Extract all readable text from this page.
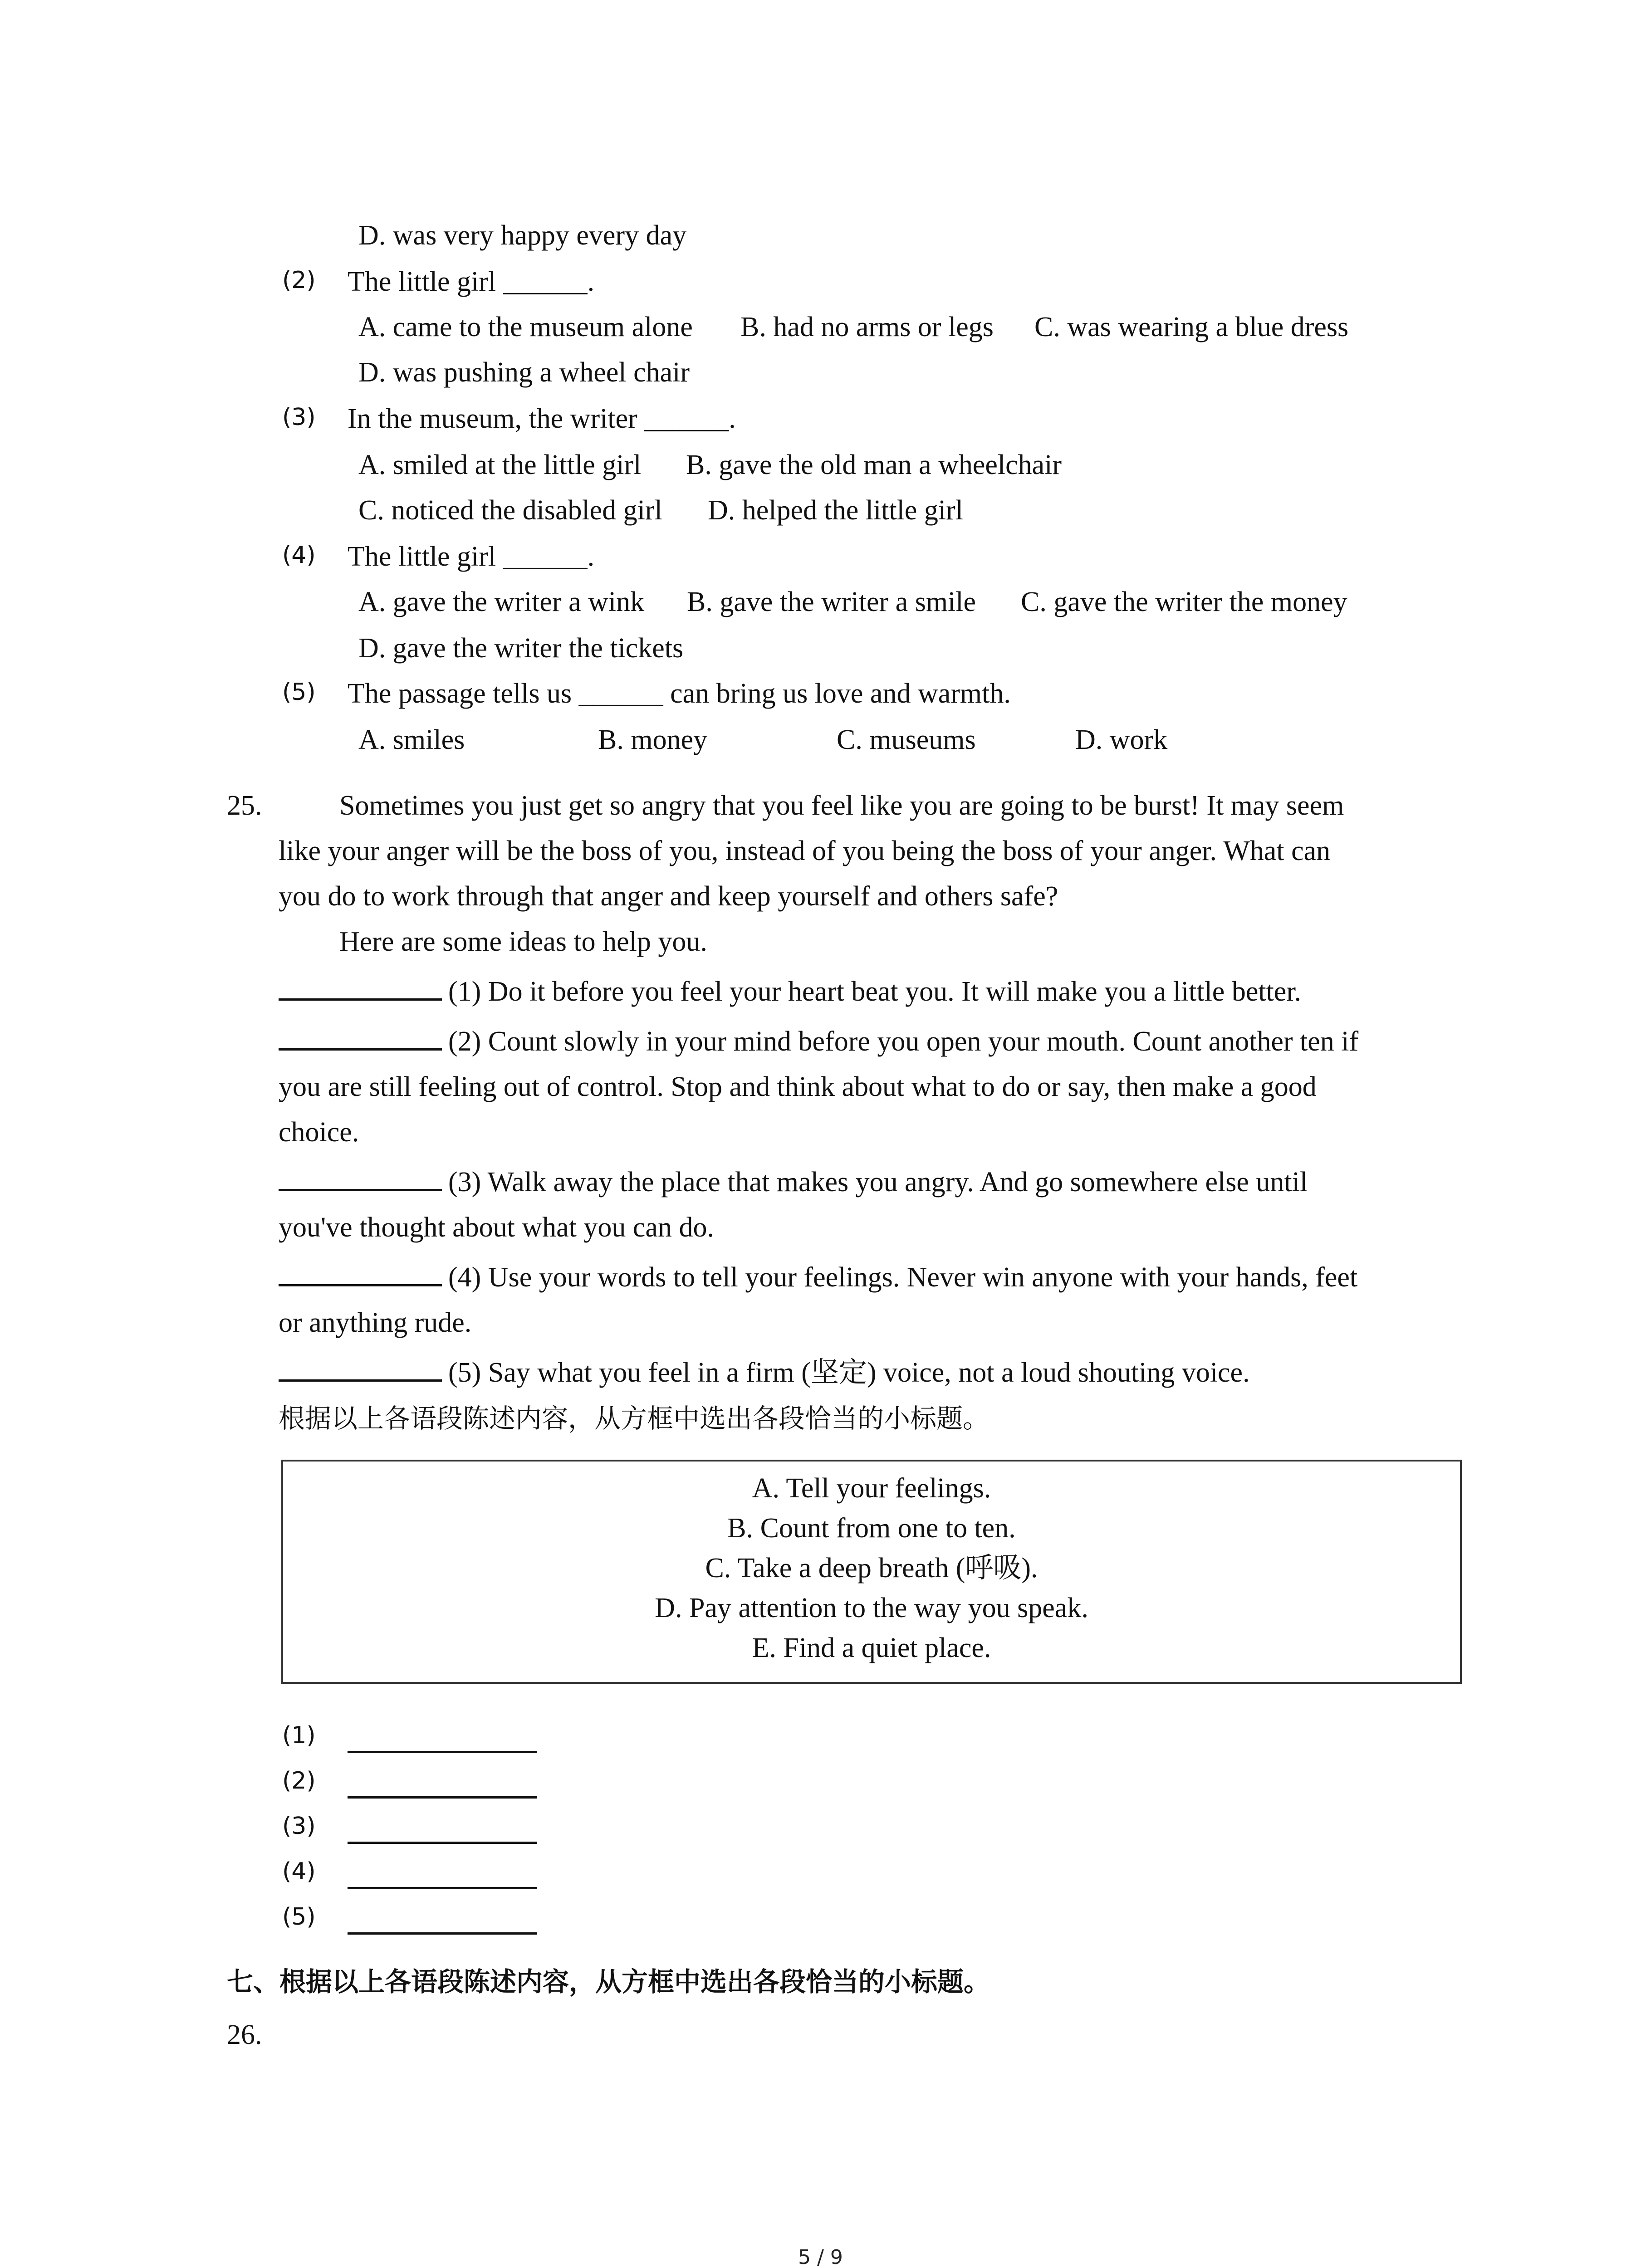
D. was very happy every day
(2) The little girl ______.
A. came to the museum alone B. had no arms or legs C. was wearing a blue dress
D. was pushing a wheel chair
(3) In the museum, the writer ______.
A. smiled at the little girl B. gave the old man a wheelchair
C. noticed the disabled girl D. helped the little girl
(4) The little girl ______.
A. gave the writer a wink B. gave the writer a smile C. gave the writer the money
D. gave the writer the tickets
(5) The passage tells us ______ can bring us love and warmth.
A. smiles	B. money	C. museums	D. work
25.	Sometimes you just get so angry that you feel like you are going to be burst! It may seem
like your anger will be the boss of you, instead of you being the boss of your anger. What can
you do to work through that anger and keep yourself and others safe?
Here are some ideas to help you.
(1) Do it before you feel your heart beat you. It will make you a little better.
(2) Count slowly in your mind before you open your mouth. Count another ten if
you are still feeling out of control. Stop and think about what to do or say, then make a good
choice.
(3) Walk away the place that makes you angry. And go somewhere else until
you've thought about what you can do.
(4) Use your words to tell your feelings. Never win anyone with your hands, feet
or anything rude.
(5) Say what you feel in a firm (坚定) voice, not a loud shouting voice.
根据以上各语段陈述内容，从方框中选出各段恰当的小标题。
A. Tell your feelings.
B. Count from one to ten.
C. Take a deep breath (呼吸).
D. Pay attention to the way you speak.
E. Find a quiet place.
(1)
(2)
(3)
(4)
(5)
七、根据以上各语段陈述内容，从方框中选出各段恰当的小标题。
26.
5 / 9
